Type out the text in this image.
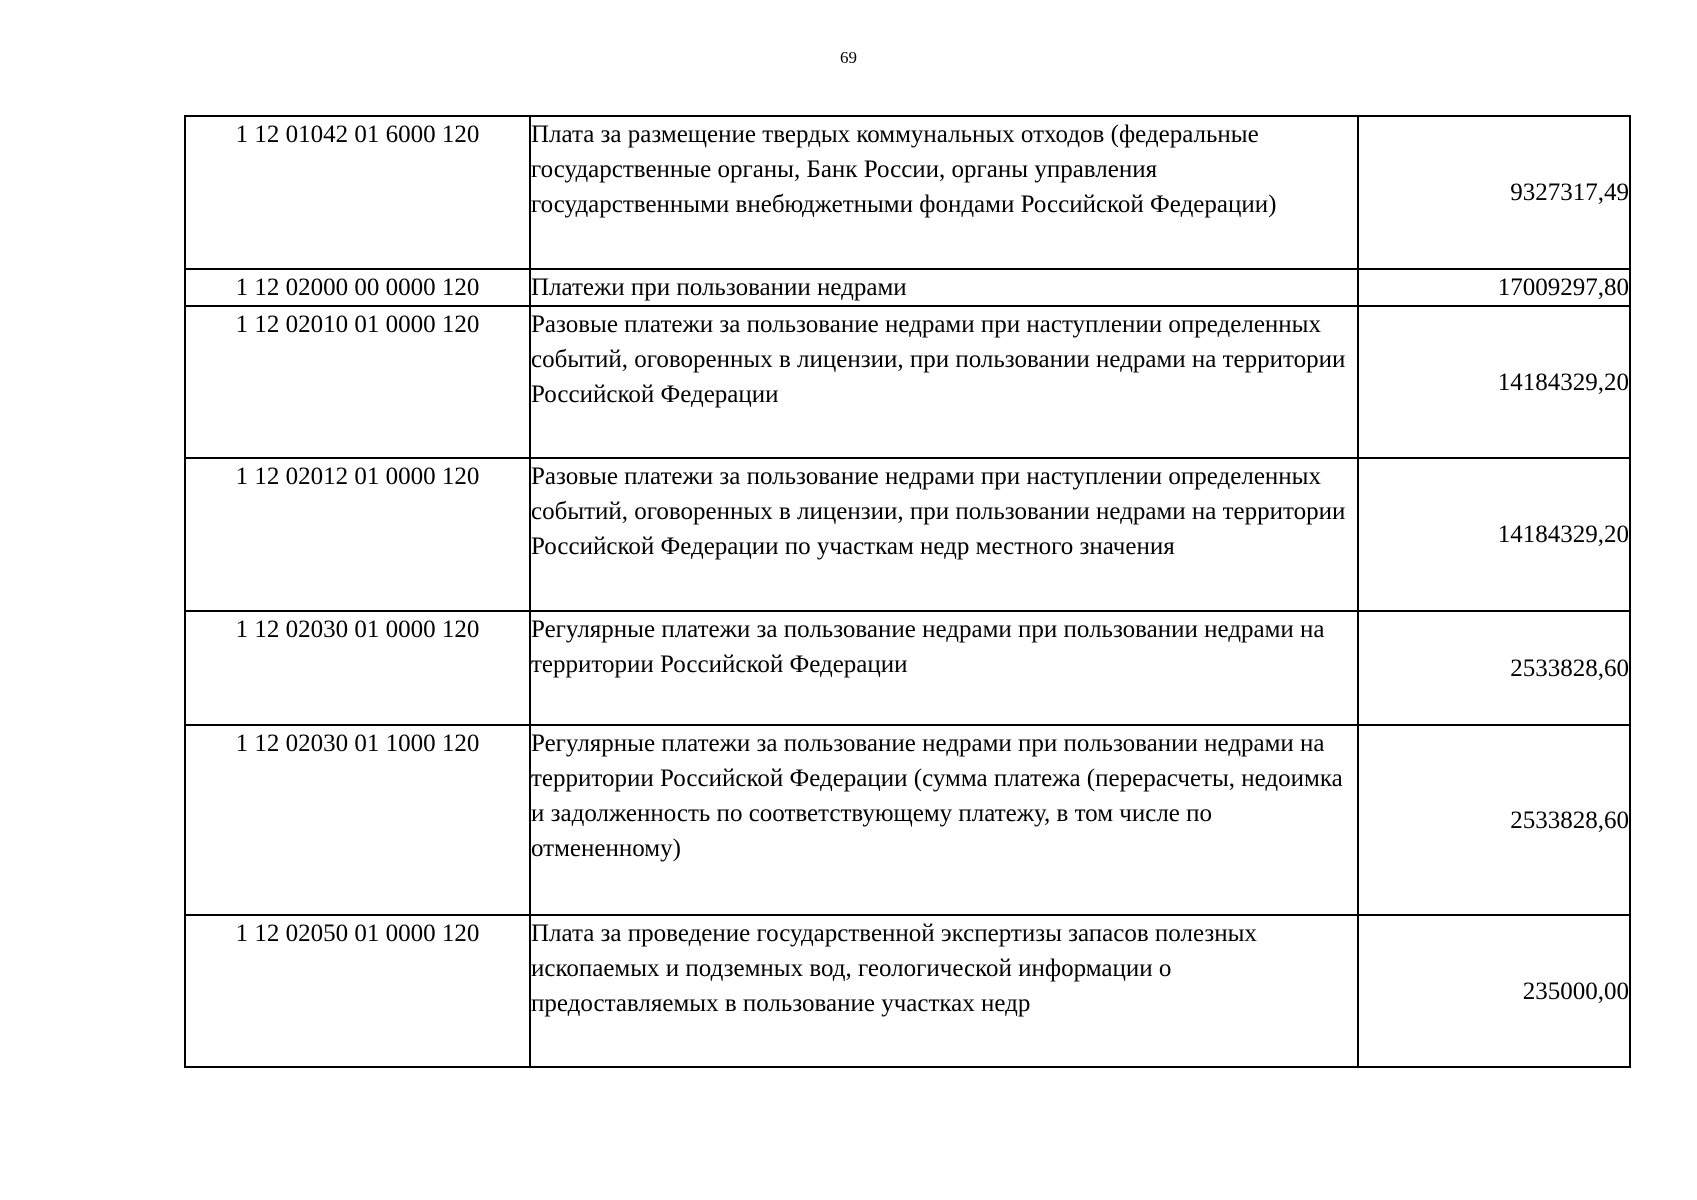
69
1 12 01042 01 6000 120	Плата за размещение твердых коммунальных отходов (федеральные государственные органы, Банк России, органы управления государственными внебюджетными фондами Российской Федерации)	9327317,49
1 12 02000 00 0000 120	Платежи при пользовании недрами	17009297,80
1 12 02010 01 0000 120	Разовые платежи за пользование недрами при наступлении определенных событий, оговоренных в лицензии, при пользовании недрами на территории Российской Федерации	14184329,20
1 12 02012 01 0000 120	Разовые платежи за пользование недрами при наступлении определенных событий, оговоренных в лицензии, при пользовании недрами на территории Российской Федерации по участкам недр местного значения	14184329,20
1 12 02030 01 0000 120	Регулярные платежи за пользование недрами при пользовании недрами на территории Российской Федерации	2533828,60
1 12 02030 01 1000 120	Регулярные платежи за пользование недрами при пользовании недрами на территории Российской Федерации (сумма платежа (перерасчеты, недоимка и задолженность по соответствующему платежу, в том числе по отмененному)	2533828,60
1 12 02050 01 0000 120	Плата за проведение государственной экспертизы запасов полезных ископаемых и подземных вод, геологической информации о предоставляемых в пользование участках недр	235000,00
